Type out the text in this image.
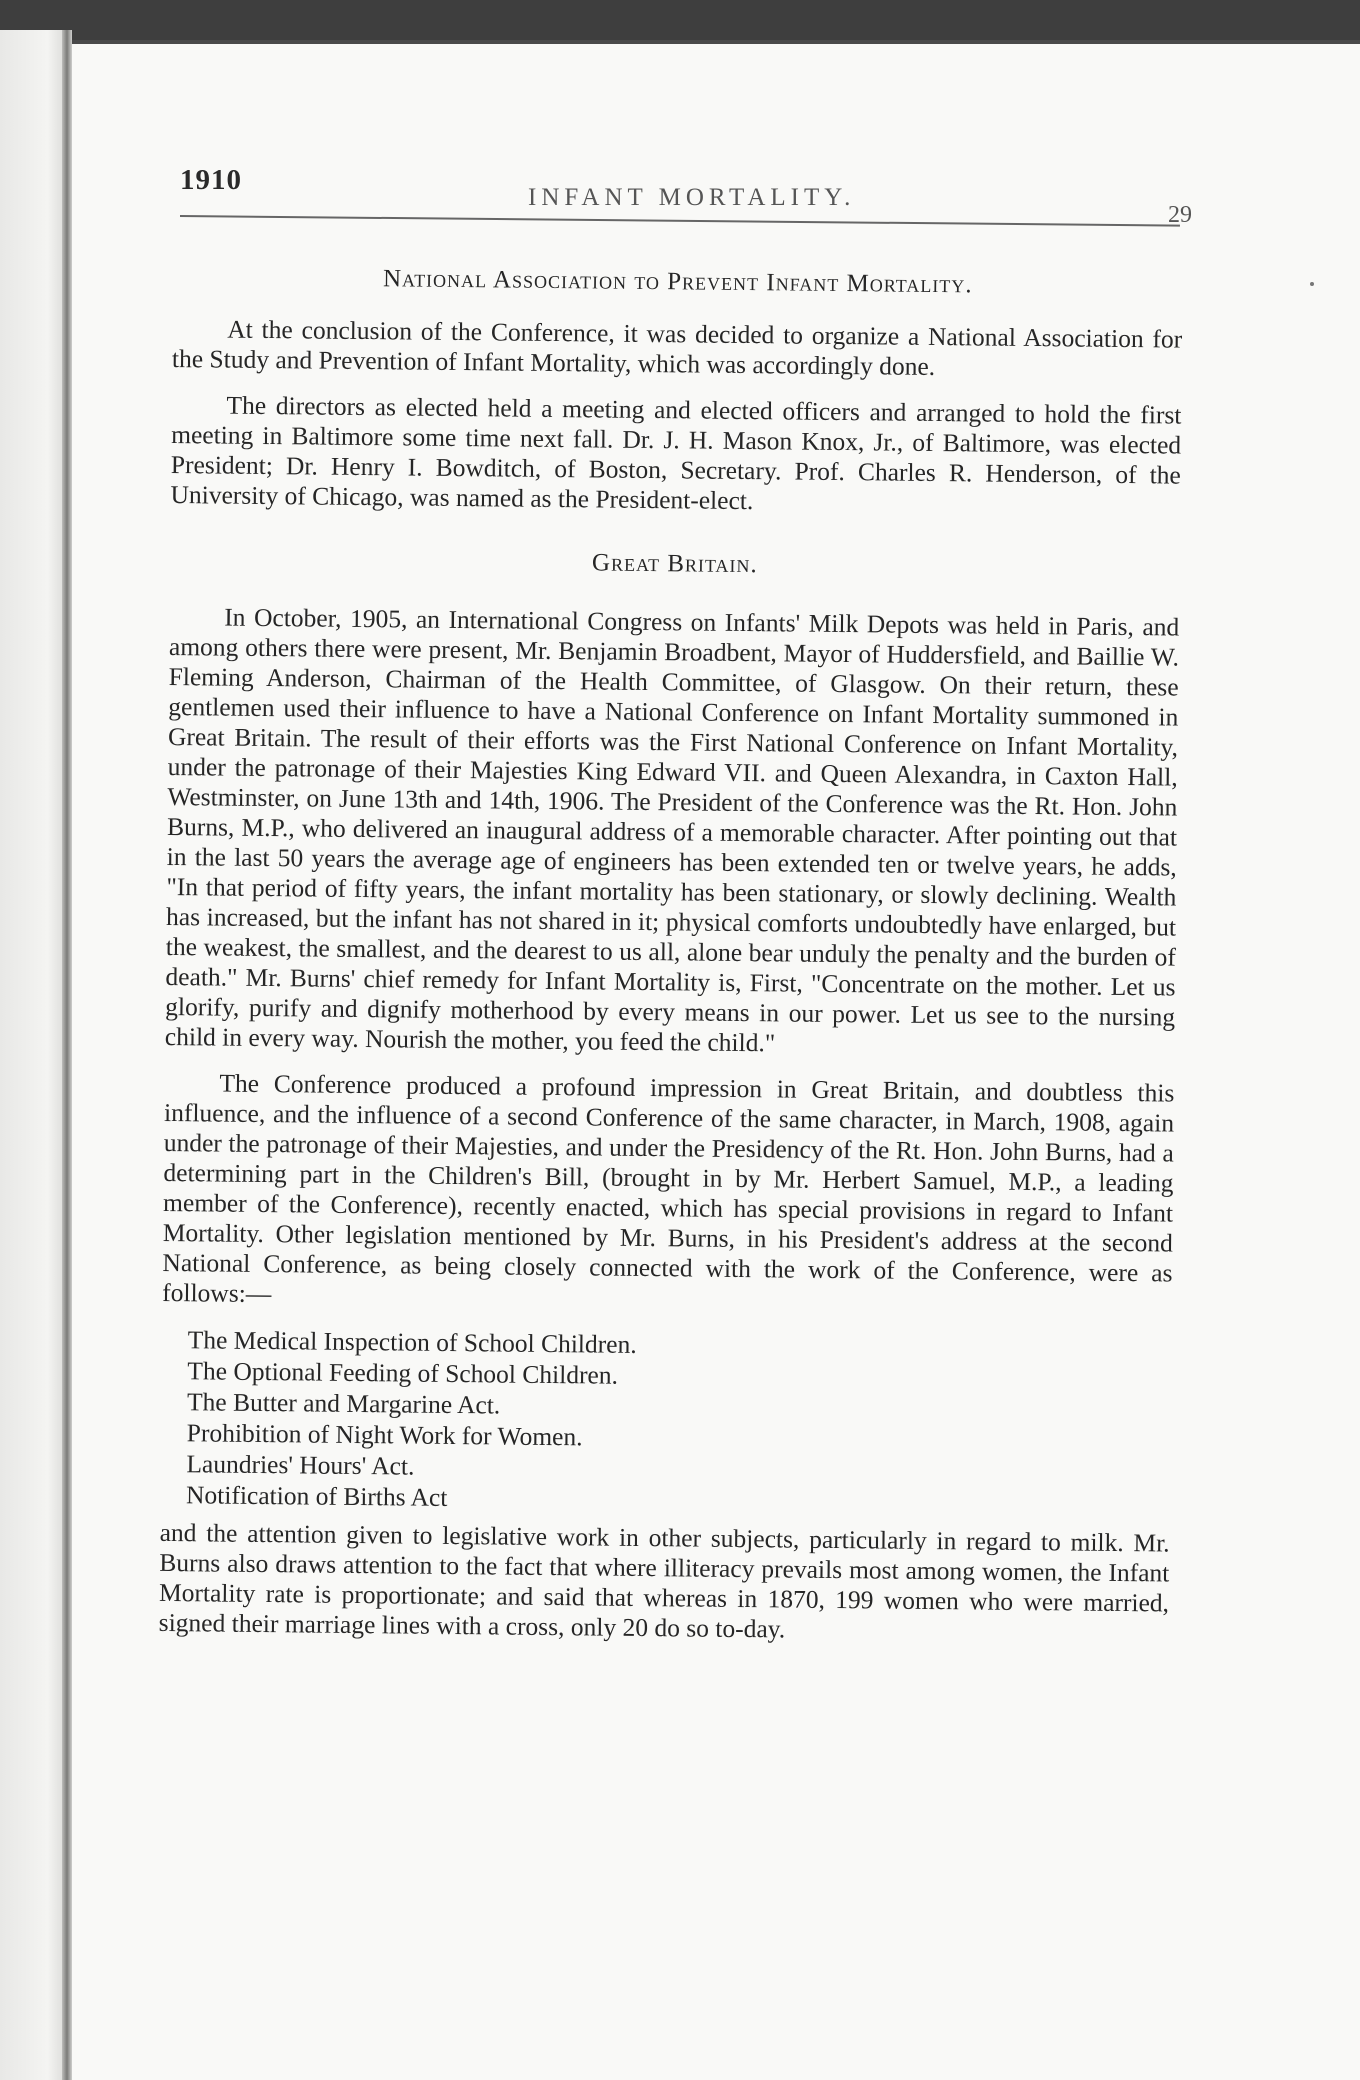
1910
INFANT MORTALITY.
29
National Association to Prevent Infant Mortality.

At the conclusion of the Conference, it was decided to organize a National Association for the Study and Prevention of Infant Mortality, which was accordingly done.

The directors as elected held a meeting and elected officers and arranged to hold the first meeting in Baltimore some time next fall. Dr. J. H. Mason Knox, Jr., of Baltimore, was elected President; Dr. Henry I. Bowditch, of Boston, Secretary. Prof. Charles R. Henderson, of the University of Chicago, was named as the President-elect.

Great Britain.

In October, 1905, an International Congress on Infants' Milk Depots was held in Paris, and among others there were present, Mr. Benjamin Broadbent, Mayor of Huddersfield, and Baillie W. Fleming Anderson, Chairman of the Health Committee, of Glasgow. On their return, these gentlemen used their influence to have a National Conference on Infant Mortality summoned in Great Britain. The result of their efforts was the First National Conference on Infant Mortality, under the patronage of their Majesties King Edward VII. and Queen Alexandra, in Caxton Hall, Westminster, on June 13th and 14th, 1906. The President of the Conference was the Rt. Hon. John Burns, M.P., who delivered an inaugural address of a memorable character. After pointing out that in the last 50 years the average age of engineers has been extended ten or twelve years, he adds, "In that period of fifty years, the infant mortality has been stationary, or slowly declining. Wealth has increased, but the infant has not shared in it; physical comforts undoubtedly have enlarged, but the weakest, the smallest, and the dearest to us all, alone bear unduly the penalty and the burden of death." Mr. Burns' chief remedy for Infant Mortality is, First, "Concentrate on the mother. Let us glorify, purify and dignify motherhood by every means in our power. Let us see to the nursing child in every way. Nourish the mother, you feed the child."

The Conference produced a profound impression in Great Britain, and doubtless this influence, and the influence of a second Conference of the same character, in March, 1908, again under the patronage of their Majesties, and under the Presidency of the Rt. Hon. John Burns, had a determining part in the Children's Bill, (brought in by Mr. Herbert Samuel, M.P., a leading member of the Conference), recently enacted, which has special provisions in regard to Infant Mortality. Other legislation mentioned by Mr. Burns, in his President's address at the second National Conference, as being closely connected with the work of the Conference, were as follows:—

The Medical Inspection of School Children.
The Optional Feeding of School Children.
The Butter and Margarine Act.
Prohibition of Night Work for Women.
Laundries' Hours' Act.
Notification of Births Act

and the attention given to legislative work in other subjects, particularly in regard to milk. Mr. Burns also draws attention to the fact that where illiteracy prevails most among women, the Infant Mortality rate is proportionate; and said that whereas in 1870, 199 women who were married, signed their marriage lines with a cross, only 20 do so to-day.
